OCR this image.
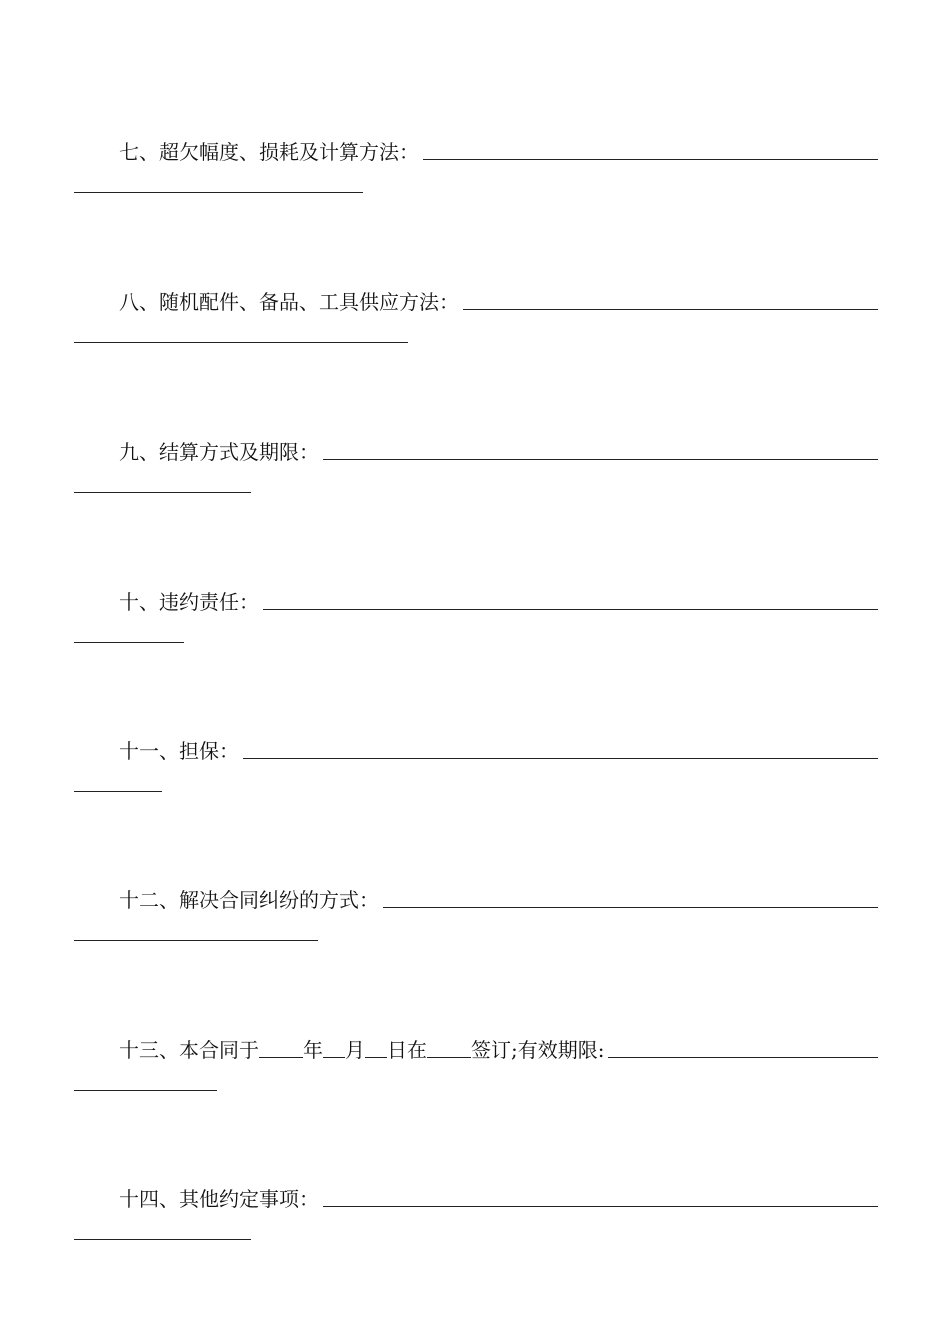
七、超欠幅度、损耗及计算方法：
八、随机配件、备品、工具供应方法：
九、结算方式及期限：
十、违约责任：
十一、担保：
十二、解决合同纠纷的方式：
十三、本合同于 年 月 日在 签订;有效期限:
十四、其他约定事项：
